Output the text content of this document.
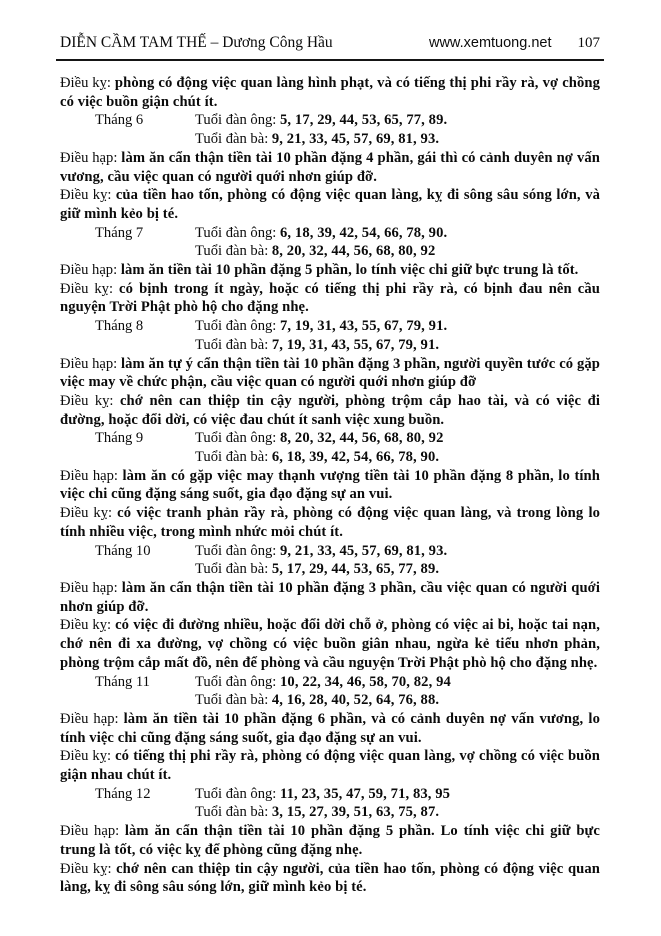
DIỄN CẦM TAM THẾ – Dương Công Hầu	www.xemtuong.net 107

Điều kỵ: phòng có động việc quan làng hình phạt, và có tiếng thị phi rầy rà, vợ chồng có việc buồn giận chút ít.

Tháng 6	Tuổi đàn ông: 5, 17, 29, 44, 53, 65, 77, 89.
Tuổi đàn bà: 9, 21, 33, 45, 57, 69, 81, 93.

Điều hạp: làm ăn cẩn thận tiền tài 10 phần đặng 4 phần, gái thì có cảnh duyên nợ vấn vương, cầu việc quan có người quới nhơn giúp đỡ.

Điều kỵ: của tiền hao tốn, phòng có động việc quan làng, kỵ đi sông sâu sóng lớn, và giữ mình kẻo bị té.

Tháng 7	Tuổi đàn ông: 6, 18, 39, 42, 54, 66, 78, 90.
Tuổi đàn bà: 8, 20, 32, 44, 56, 68, 80, 92

Điều hạp: làm ăn tiền tài 10 phần đặng 5 phần, lo tính việc chi giữ bực trung là tốt.

Điều kỵ: có bịnh trong ít ngày, hoặc có tiếng thị phi rầy rà, có bịnh đau nên cầu nguyện Trời Phật phò hộ cho đặng nhẹ.

Tháng 8	Tuổi đàn ông: 7, 19, 31, 43, 55, 67, 79, 91.
Tuổi đàn bà: 7, 19, 31, 43, 55, 67, 79, 91.

Điều hạp: làm ăn tự ý cẩn thận tiền tài 10 phần đặng 3 phần, người quyền tước có gặp việc may về chức phận, cầu việc quan có người quới nhơn giúp đỡ

Điều kỵ: chớ nên can thiệp tin cậy người, phòng trộm cắp hao tài, và có việc đi đường, hoặc đổi dời, có việc đau chút ít sanh việc xung buồn.

Tháng 9	Tuổi đàn ông: 8, 20, 32, 44, 56, 68, 80, 92
Tuổi đàn bà: 6, 18, 39, 42, 54, 66, 78, 90.

Điều hạp: làm ăn có gặp việc may thạnh vượng tiền tài 10 phần đặng 8 phần, lo tính việc chi cũng đặng sáng suốt, gia đạo đặng sự an vui.

Điều kỵ: có việc tranh phản rầy rà, phòng có động việc quan làng, và trong lòng lo tính nhiều việc, trong mình nhức mỏi chút ít.

Tháng 10	Tuổi đàn ông: 9, 21, 33, 45, 57, 69, 81, 93.
Tuổi đàn bà: 5, 17, 29, 44, 53, 65, 77, 89.

Điều hạp: làm ăn cẩn thận tiền tài 10 phần đặng 3 phần, cầu việc quan có người quới nhơn giúp đỡ.

Điều kỵ: có việc đi đường nhiều, hoặc đổi dời chỗ ở, phòng có việc ai bi, hoặc tai nạn, chớ nên đi xa đường, vợ chồng có việc buồn giân nhau, ngừa kẻ tiểu nhơn phản, phòng trộm cắp mất đồ, nên để phòng và cầu nguyện Trời Phật phò hộ cho đặng nhẹ.

Tháng 11	Tuổi đàn ông: 10, 22, 34, 46, 58, 70, 82, 94
Tuổi đàn bà: 4, 16, 28, 40, 52, 64, 76, 88.

Điều hạp: làm ăn tiền tài 10 phần đặng 6 phần, và có cảnh duyên nợ vấn vương, lo tính việc chi cũng đặng sáng suốt, gia đạo đặng sự an vui.

Điều kỵ: có tiếng thị phi rầy rà, phòng có động việc quan làng, vợ chồng có việc buồn giận nhau chút ít.

Tháng 12	Tuổi đàn ông: 11, 23, 35, 47, 59, 71, 83, 95
Tuổi đàn bà: 3, 15, 27, 39, 51, 63, 75, 87.

Điều hạp: làm ăn cẩn thận tiền tài 10 phần đặng 5 phần. Lo tính việc chi giữ bực trung là tốt, có việc kỵ để phòng cũng đặng nhẹ.

Điều kỵ: chớ nên can thiệp tin cậy người, của tiền hao tốn, phòng có động việc quan làng, kỵ đi sông sâu sóng lớn, giữ mình kẻo bị té.
